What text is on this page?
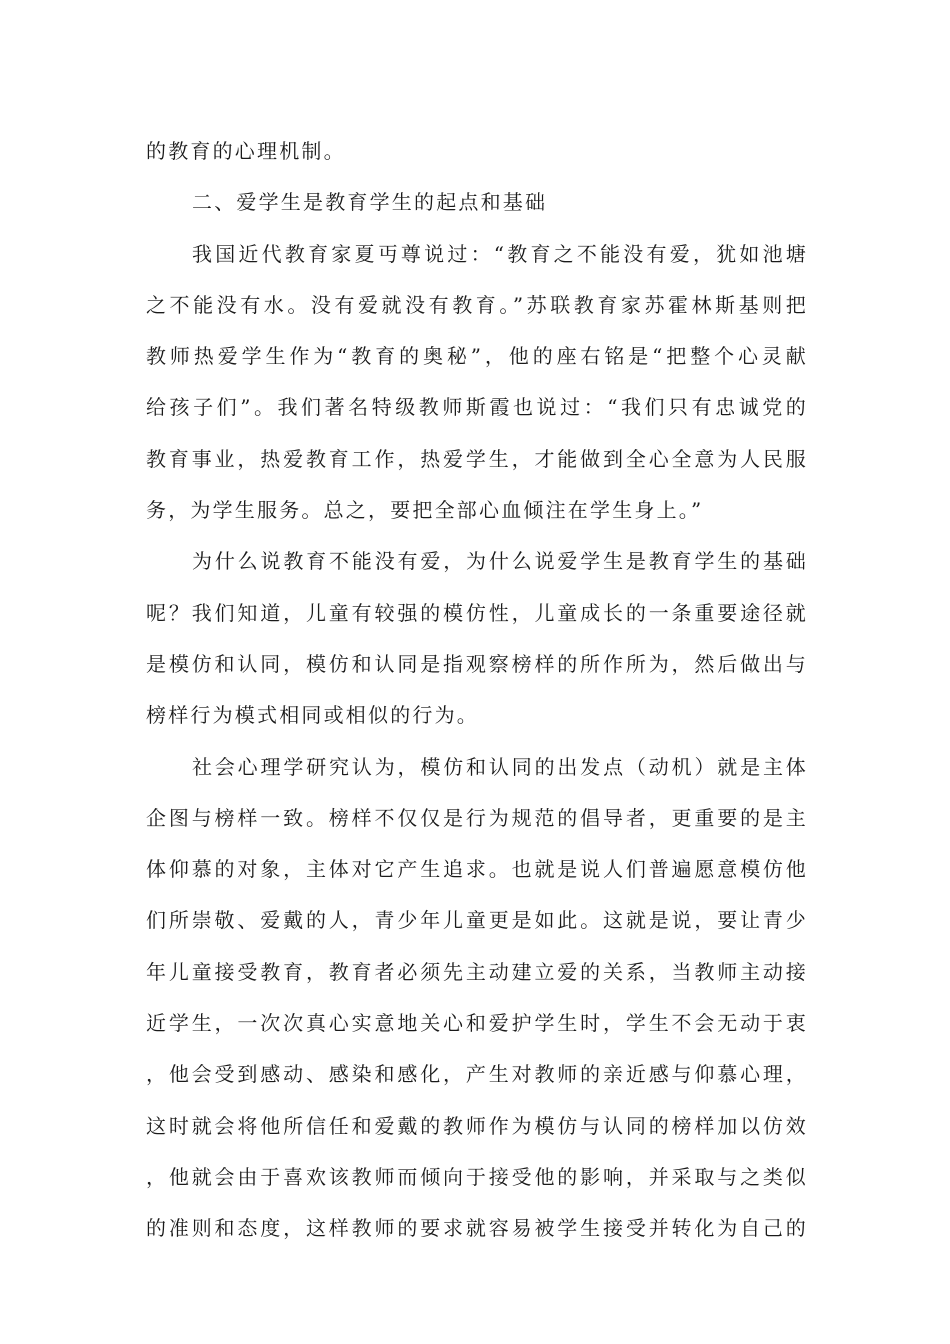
的教育的心理机制。
二、爱学生是教育学生的起点和基础
我国近代教育家夏丏尊说过：“教育之不能没有爱，犹如池塘
之不能没有水。没有爱就没有教育。”苏联教育家苏霍林斯基则把
教师热爱学生作为“教育的奥秘”，他的座右铭是“把整个心灵献
给孩子们”。我们著名特级教师斯霞也说过：“我们只有忠诚党的
教育事业，热爱教育工作，热爱学生，才能做到全心全意为人民服
务，为学生服务。总之，要把全部心血倾注在学生身上。”
为什么说教育不能没有爱，为什么说爱学生是教育学生的基础
呢？我们知道，儿童有较强的模仿性，儿童成长的一条重要途径就
是模仿和认同，模仿和认同是指观察榜样的所作所为，然后做出与
榜样行为模式相同或相似的行为。
社会心理学研究认为，模仿和认同的出发点（动机）就是主体
企图与榜样一致。榜样不仅仅是行为规范的倡导者，更重要的是主
体仰慕的对象，主体对它产生追求。也就是说人们普遍愿意模仿他
们所崇敬、爱戴的人，青少年儿童更是如此。这就是说，要让青少
年儿童接受教育，教育者必须先主动建立爱的关系，当教师主动接
近学生，一次次真心实意地关心和爱护学生时，学生不会无动于衷
，他会受到感动、感染和感化，产生对教师的亲近感与仰慕心理，
这时就会将他所信任和爱戴的教师作为模仿与认同的榜样加以仿效
，他就会由于喜欢该教师而倾向于接受他的影响，并采取与之类似
的准则和态度，这样教师的要求就容易被学生接受并转化为自己的
